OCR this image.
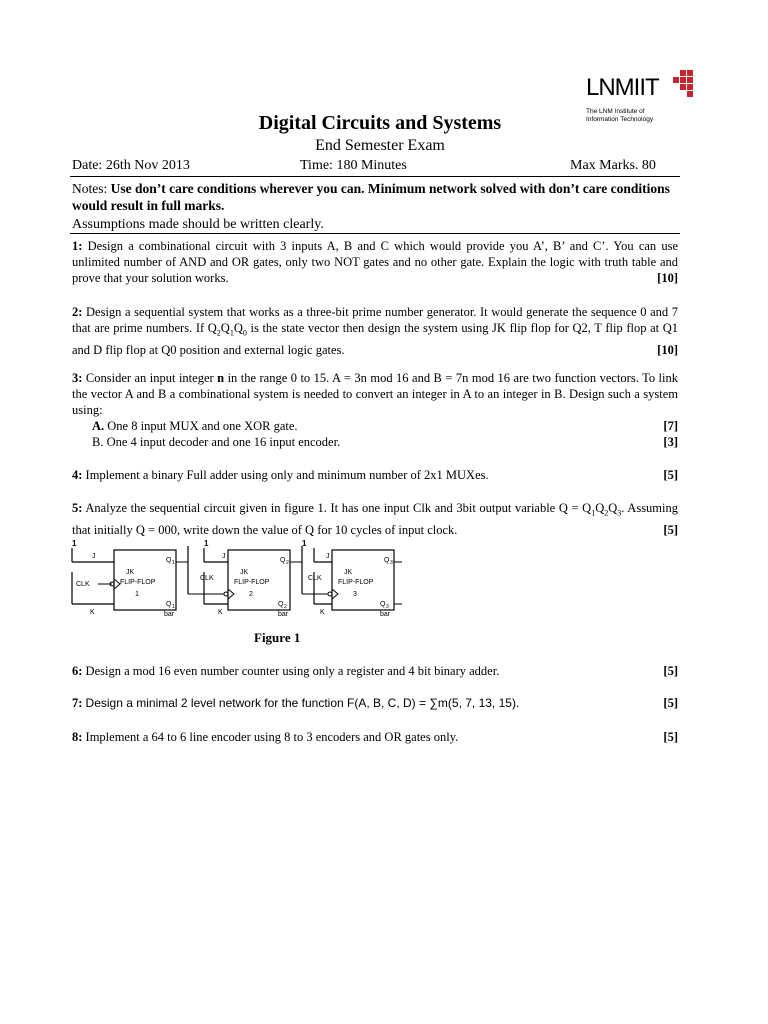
LNMIIT
The LNM Institute of
Information Technology
Digital Circuits and Systems
End Semester Exam
Date: 26th Nov 2013	Time: 180 Minutes	Max Marks. 80
Notes: Use don’t care conditions wherever you can. Minimum network solved with don’t care conditions would result in full marks.
Assumptions made should be written clearly.
1: Design a combinational circuit with 3 inputs A, B and C which would provide you A’, B’ and C’. You can use unlimited number of AND and OR gates, only two NOT gates and no other gate. Explain the logic with truth table and prove that your solution works.	[10]
2: Design a sequential system that works as a three-bit prime number generator. It would generate the sequence 0 and 7 that are prime numbers. If $Q_2Q_1Q_0$ is the state vector then design the system using JK flip flop for Q2, T flip flop at Q1 and D flip flop at Q0 position and external logic gates.	[10]
3: Consider an input integer n in the range 0 to 15. A = 3n mod 16 and B = 7n mod 16 are two function vectors. To link the vector A and B a combinational system is needed to convert an integer in A to an integer in B. Design such a system using:
A. One 8 input MUX and one XOR gate.	[7]
B. One 4 input decoder and one 16 input encoder.	[3]
4: Implement a binary Full adder using only and minimum number of 2x1 MUXes.	[5]
5: Analyze the sequential circuit given in figure 1. It has one input Clk and 3bit output variable $Q = Q_1Q_2Q_3$. Assuming that initially Q = 000, write down the value of Q for 10 cycles of input clock.	[5]
1
J
K
CLK
JK
FLIP-FLOP
1
Q 1
Q 1
bar
1
J
K
CLK
JK
FLIP-FLOP
2
Q 2
Q 2
bar
1
J
K
CLK
JK
FLIP-FLOP
3
Q 3
Q 3
bar
Figure 1
6: Design a mod 16 even number counter using only a register and 4 bit binary adder.	[5]
7: Design a minimal 2 level network for the function F(A, B, C, D) = ∑m(5, 7, 13, 15).	[5]
8: Implement a 64 to 6 line encoder using 8 to 3 encoders and OR gates only.	[5]
